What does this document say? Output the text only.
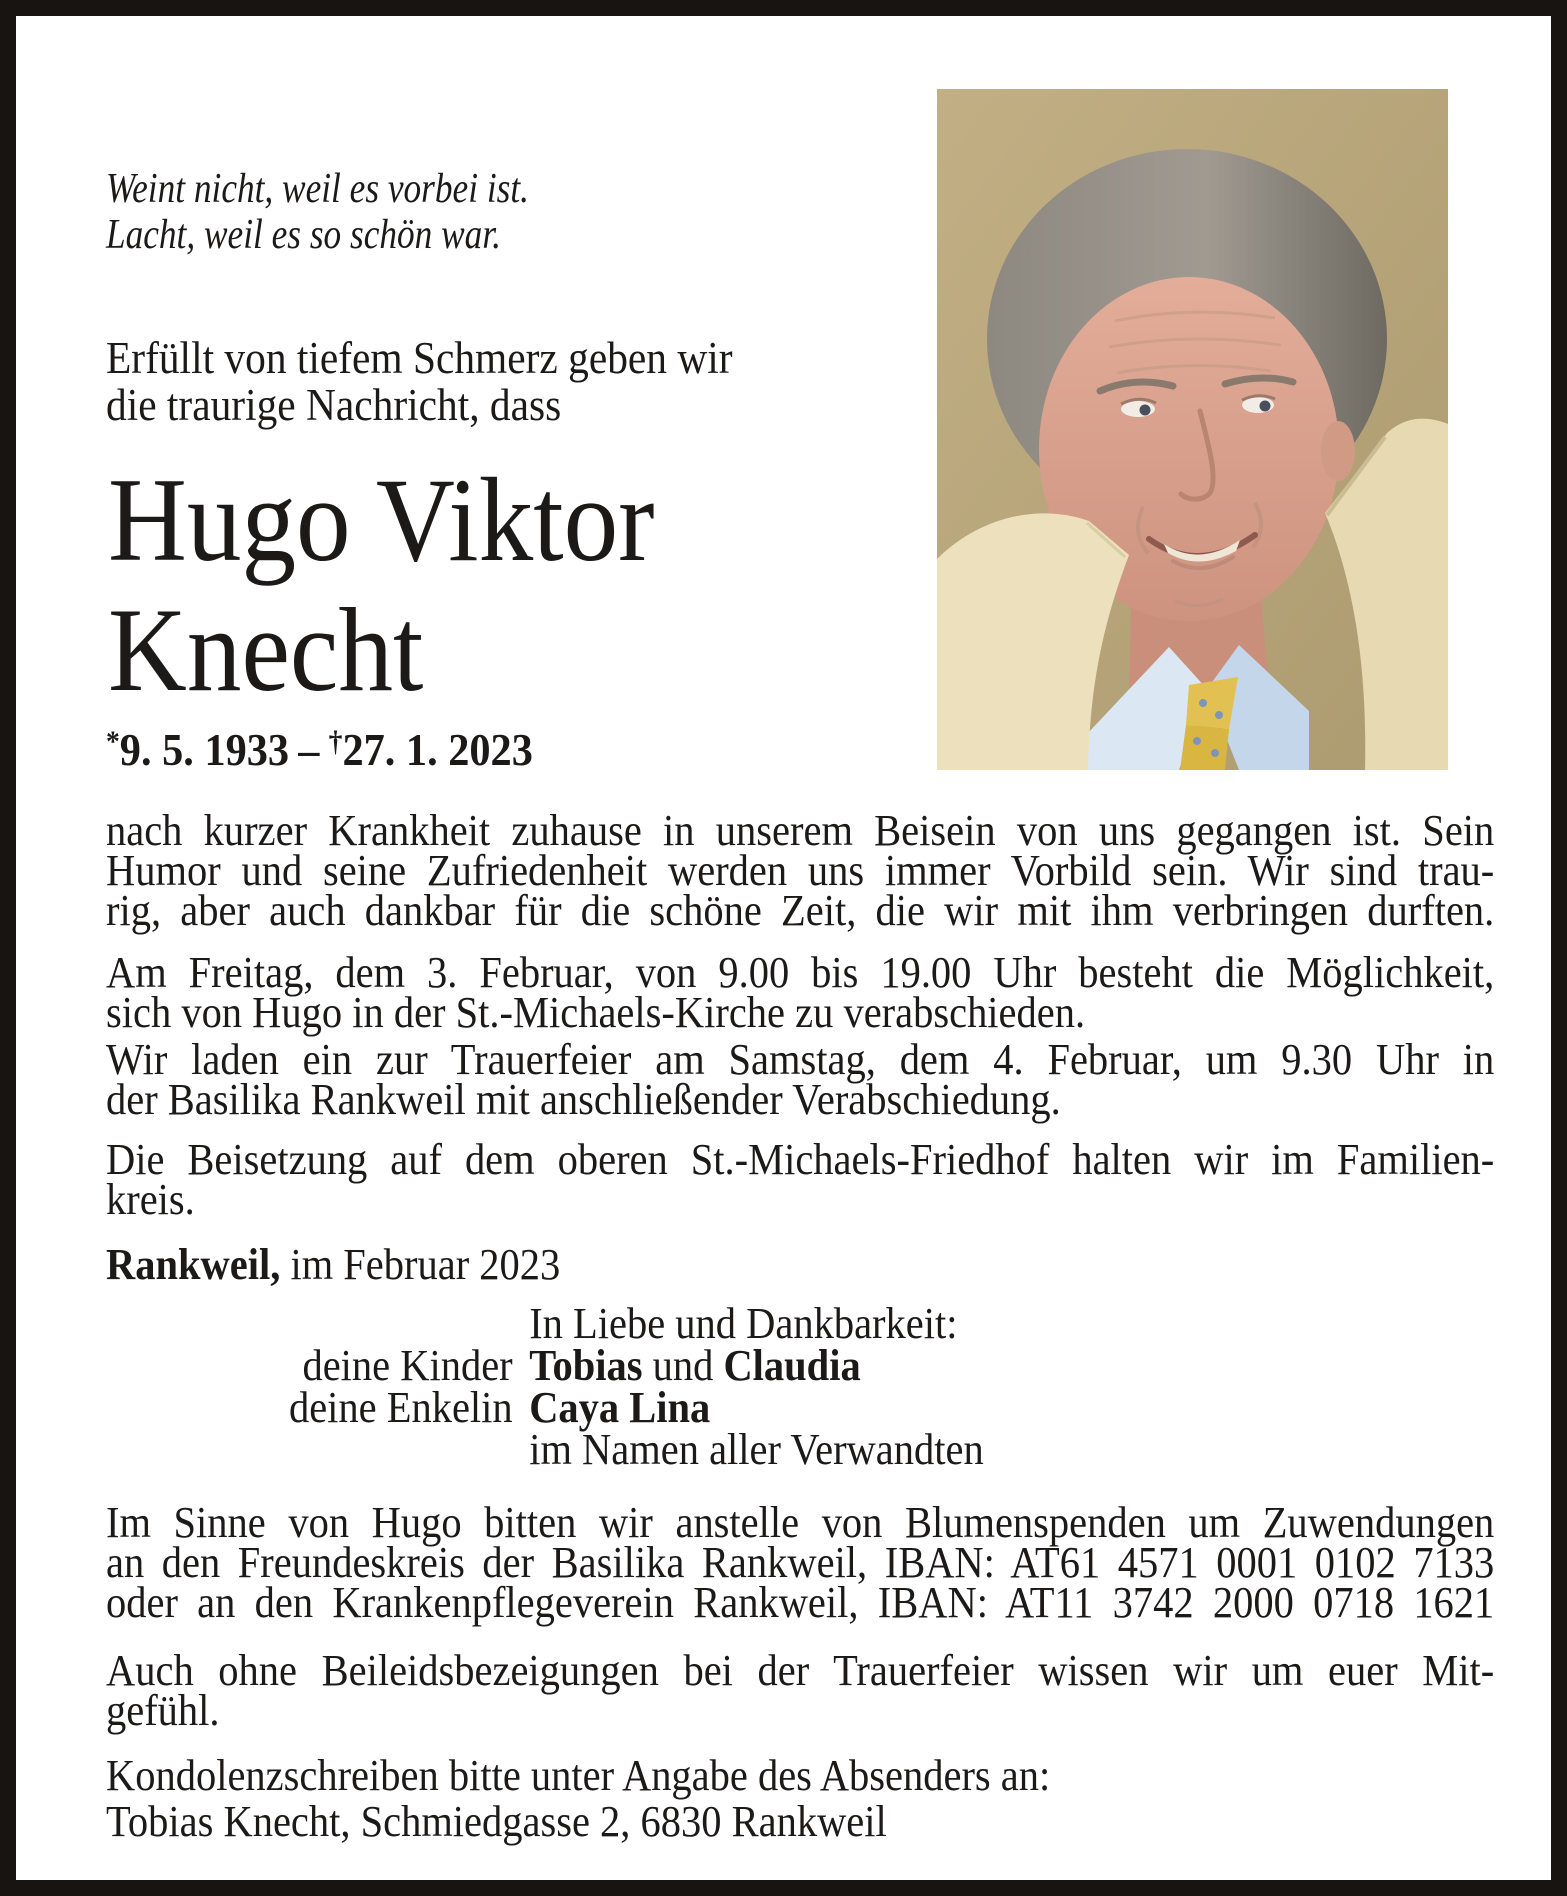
Weint nicht, weil es vorbei ist.
Lacht, weil es so schön war.
Erfüllt von tiefem Schmerz geben wir
die traurige Nachricht, dass
Hugo Viktor
Knecht
*9. 5. 1933 – †27. 1. 2023
nach kurzer Krankheit zuhause in unserem Beisein von uns gegangen ist. Sein
Humor und seine Zufriedenheit werden uns immer Vorbild sein. Wir sind trau-
rig, aber auch dankbar für die schöne Zeit, die wir mit ihm verbringen durften.
Am Freitag, dem 3. Februar, von 9.00 bis 19.00 Uhr besteht die Möglichkeit,
sich von Hugo in der St.-Michaels-Kirche zu verabschieden.
Wir laden ein zur Trauerfeier am Samstag, dem 4. Februar, um 9.30 Uhr in
der Basilika Rankweil mit anschließender Verabschiedung.
Die Beisetzung auf dem oberen St.-Michaels-Friedhof halten wir im Familien-
kreis.
Rankweil, im Februar 2023
In Liebe und Dankbarkeit:
deine Kinder Tobias und Claudia
deine Enkelin Caya Lina
im Namen aller Verwandten
Im Sinne von Hugo bitten wir anstelle von Blumenspenden um Zuwendungen
an den Freundeskreis der Basilika Rankweil, IBAN: AT61 4571 0001 0102 7133
oder an den Krankenpflegeverein Rankweil, IBAN: AT11 3742 2000 0718 1621
Auch ohne Beileidsbezeigungen bei der Trauerfeier wissen wir um euer Mit-
gefühl.
Kondolenzschreiben bitte unter Angabe des Absenders an:
Tobias Knecht, Schmiedgasse 2, 6830 Rankweil
